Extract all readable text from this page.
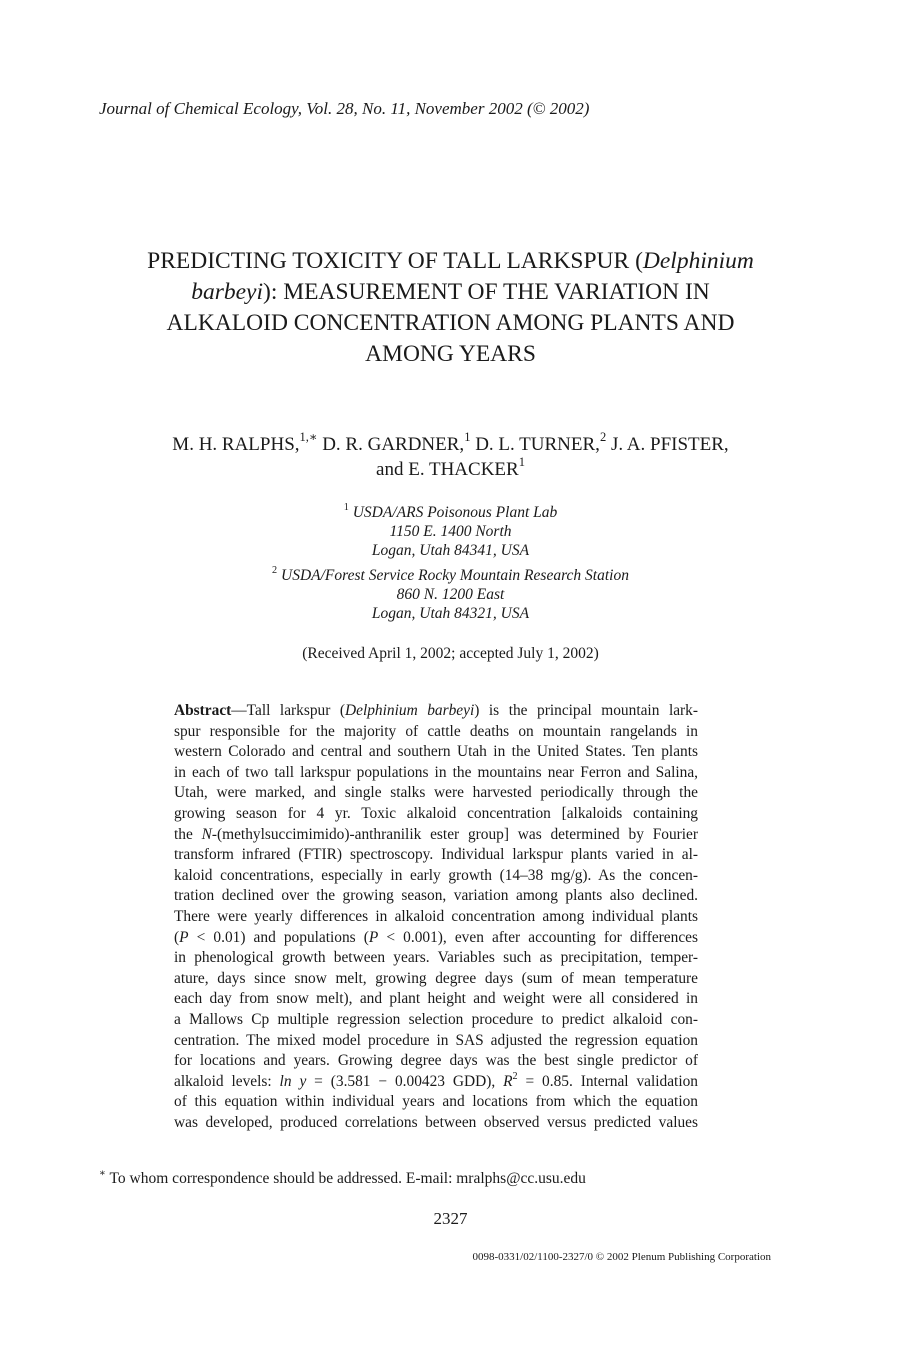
Journal of Chemical Ecology, Vol. 28, No. 11, November 2002 (© 2002)
PREDICTING TOXICITY OF TALL LARKSPUR (Delphinium
barbeyi): MEASUREMENT OF THE VARIATION IN
ALKALOID CONCENTRATION AMONG PLANTS AND
AMONG YEARS
M. H. RALPHS,$^{1,∗}$ D. R. GARDNER,$^1$ D. L. TURNER,$^2$ J. A. PFISTER,
and E. THACKER$^1$
$^1$ USDA/ARS Poisonous Plant Lab
1150 E. 1400 North
Logan, Utah 84341, USA
$^2$ USDA/Forest Service Rocky Mountain Research Station
860 N. 1200 East
Logan, Utah 84321, USA
(Received April 1, 2002; accepted July 1, 2002)
Abstract—Tall larkspur (Delphinium barbeyi) is the principal mountain lark-
spur responsible for the majority of cattle deaths on mountain rangelands in
western Colorado and central and southern Utah in the United States. Ten plants
in each of two tall larkspur populations in the mountains near Ferron and Salina,
Utah, were marked, and single stalks were harvested periodically through the
growing season for 4 yr. Toxic alkaloid concentration [alkaloids containing
the N-(methylsuccimimido)-anthranilik ester group] was determined by Fourier
transform infrared (FTIR) spectroscopy. Individual larkspur plants varied in al-
kaloid concentrations, especially in early growth (14–38 mg/g). As the concen-
tration declined over the growing season, variation among plants also declined.
There were yearly differences in alkaloid concentration among individual plants
(P < 0.01) and populations (P < 0.001), even after accounting for differences
in phenological growth between years. Variables such as precipitation, temper-
ature, days since snow melt, growing degree days (sum of mean temperature
each day from snow melt), and plant height and weight were all considered in
a Mallows Cp multiple regression selection procedure to predict alkaloid con-
centration. The mixed model procedure in SAS adjusted the regression equation
for locations and years. Growing degree days was the best single predictor of
alkaloid levels: ln y = (3.581 − 0.00423 GDD), $R^2 = 0.85$. Internal validation
of this equation within individual years and locations from which the equation
was developed, produced correlations between observed versus predicted values
∗ To whom correspondence should be addressed. E-mail: mralphs@cc.usu.edu
2327
0098-0331/02/1100-2327/0 © 2002 Plenum Publishing Corporation
